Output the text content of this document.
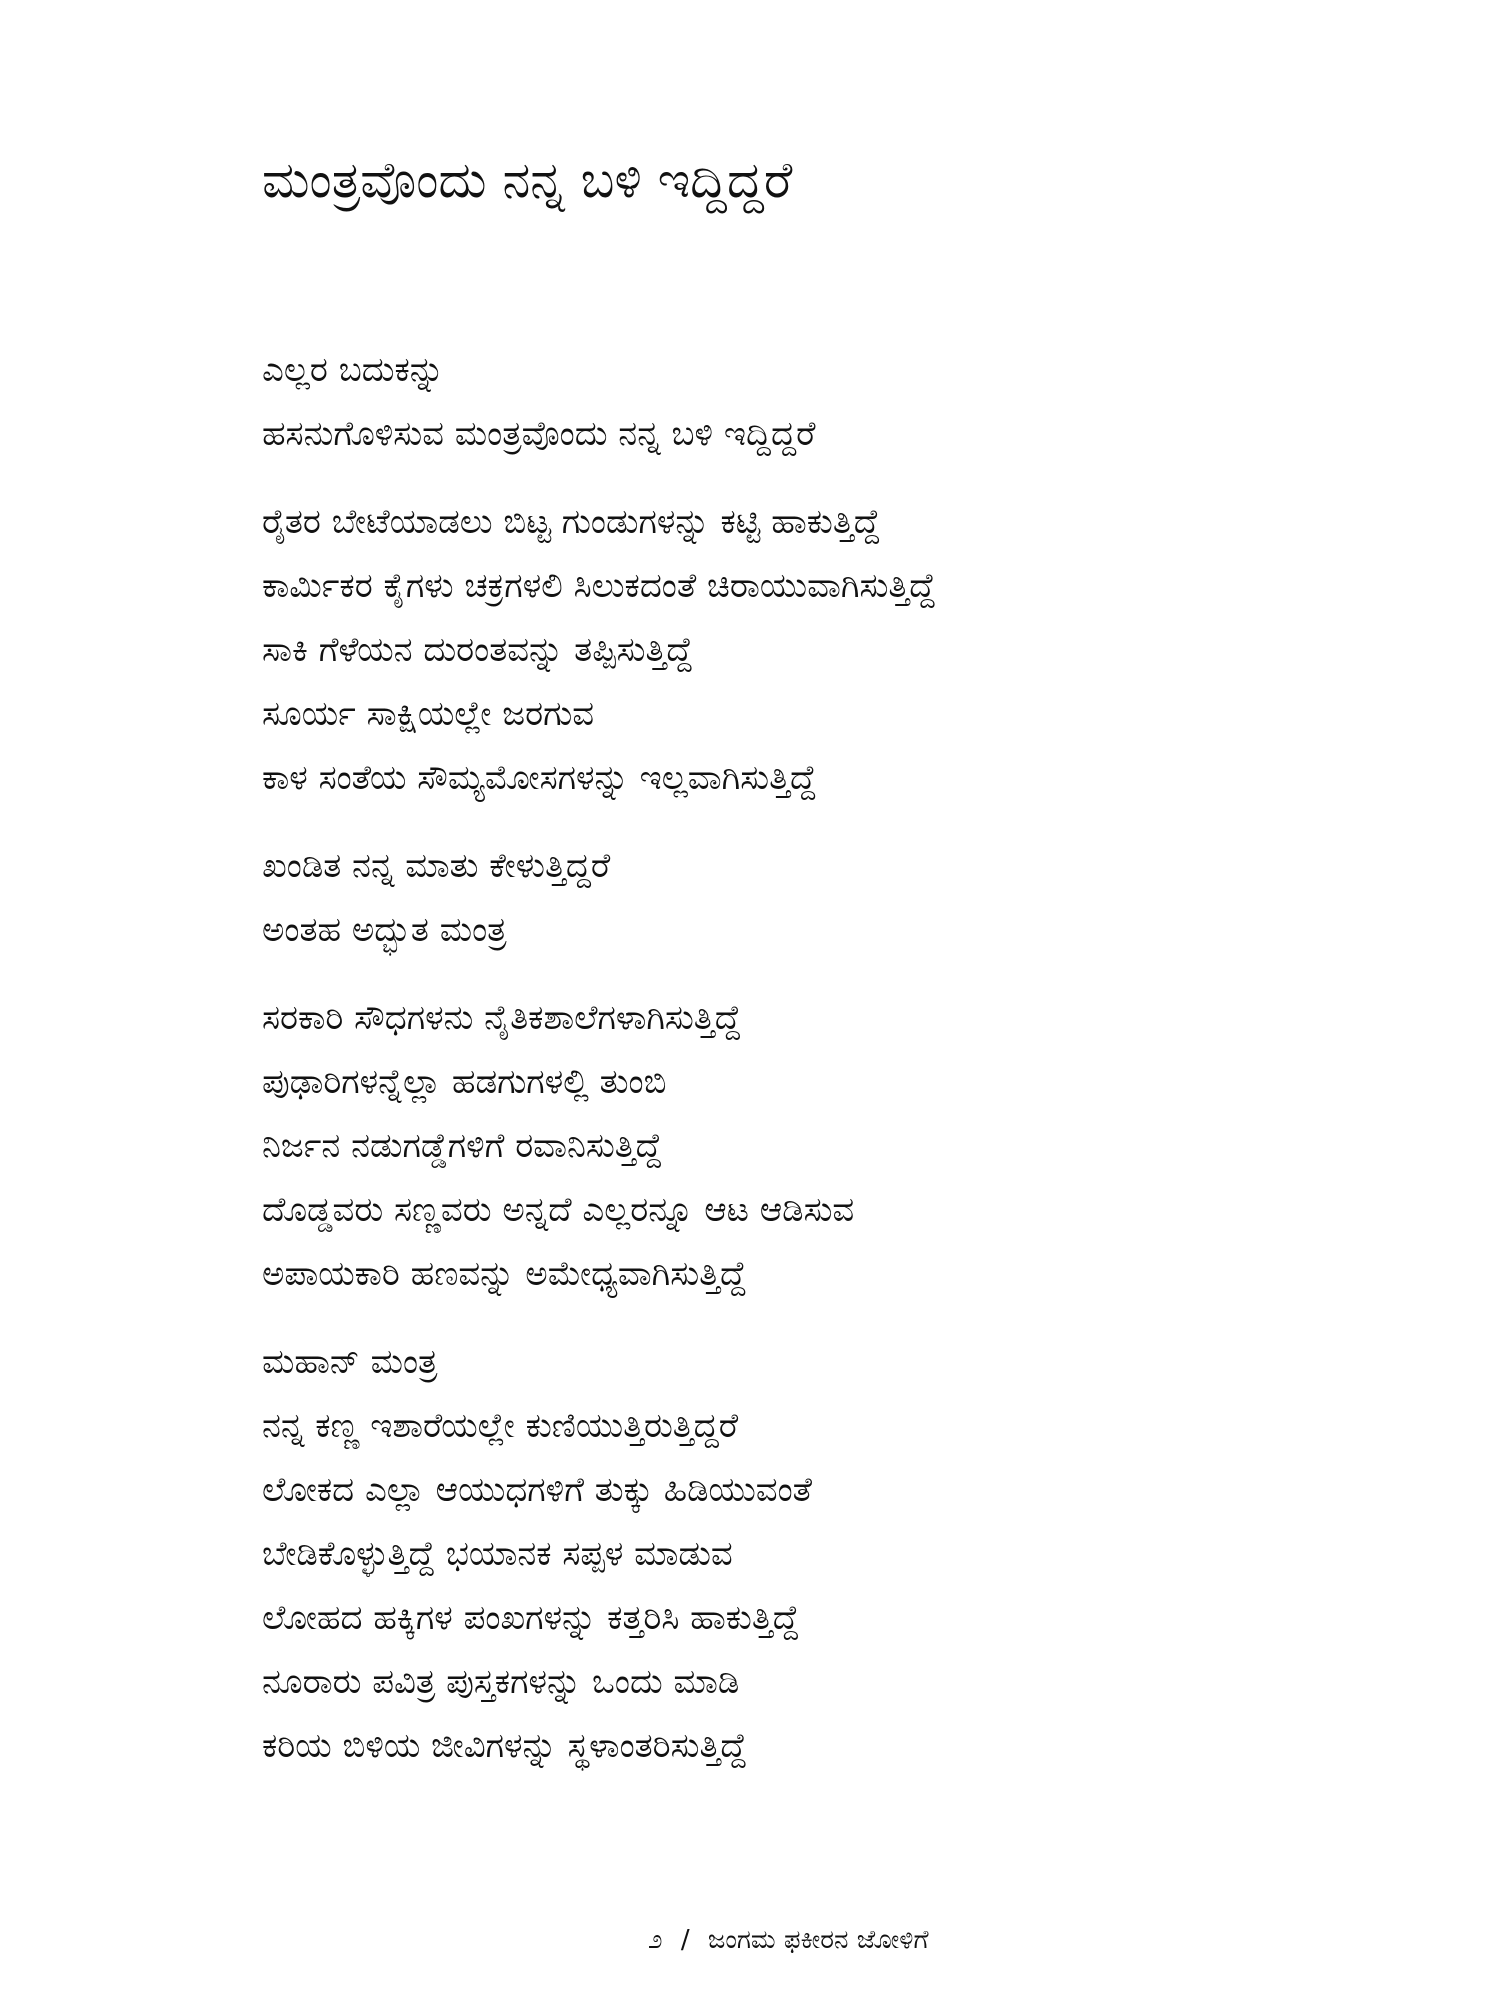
ಮಂತ್ರವೊಂದು ನನ್ನ ಬಳಿ ಇದ್ದಿದ್ದರೆ
ಎಲ್ಲರ ಬದುಕನ್ನು
ಹಸನುಗೊಳಿಸುವ ಮಂತ್ರವೊಂದು ನನ್ನ ಬಳಿ ಇದ್ದಿದ್ದರೆ
ರೈತರ ಬೇಟೆಯಾಡಲು ಬಿಟ್ಟ ಗುಂಡುಗಳನ್ನು ಕಟ್ಟಿ ಹಾಕುತ್ತಿದ್ದೆ
ಕಾರ್ಮಿಕರ ಕೈಗಳು ಚಕ್ರಗಳಲಿ ಸಿಲುಕದಂತೆ ಚಿರಾಯುವಾಗಿಸುತ್ತಿದ್ದೆ
ಸಾಕಿ ಗೆಳೆಯನ ದುರಂತವನ್ನು ತಪ್ಪಿಸುತ್ತಿದ್ದೆ
ಸೂರ್ಯ ಸಾಕ್ಷಿಯಲ್ಲೇ ಜರಗುವ
ಕಾಳ ಸಂತೆಯ ಸೌಮ್ಯಮೋಸಗಳನ್ನು ಇಲ್ಲವಾಗಿಸುತ್ತಿದ್ದೆ
ಖಂಡಿತ ನನ್ನ ಮಾತು ಕೇಳುತ್ತಿದ್ದರೆ
ಅಂತಹ ಅದ್ಭುತ ಮಂತ್ರ
ಸರಕಾರಿ ಸೌಧಗಳನು ನೈತಿಕಶಾಲೆಗಳಾಗಿಸುತ್ತಿದ್ದೆ
ಪುಢಾರಿಗಳನ್ನೆಲ್ಲಾ ಹಡಗುಗಳಲ್ಲಿ ತುಂಬಿ
ನಿರ್ಜನ ನಡುಗಡ್ಡೆಗಳಿಗೆ ರವಾನಿಸುತ್ತಿದ್ದೆ
ದೊಡ್ಡವರು ಸಣ್ಣವರು ಅನ್ನದೆ ಎಲ್ಲರನ್ನೂ ಆಟ ಆಡಿಸುವ
ಅಪಾಯಕಾರಿ ಹಣವನ್ನು ಅಮೇಧ್ಯವಾಗಿಸುತ್ತಿದ್ದೆ
ಮಹಾನ್ ಮಂತ್ರ
ನನ್ನ ಕಣ್ಣ ಇಶಾರೆಯಲ್ಲೇ ಕುಣಿಯುತ್ತಿರುತ್ತಿದ್ದರೆ
ಲೋಕದ ಎಲ್ಲಾ ಆಯುಧಗಳಿಗೆ ತುಕ್ಕು ಹಿಡಿಯುವಂತೆ
ಬೇಡಿಕೊಳ್ಳುತ್ತಿದ್ದೆ ಭಯಾನಕ ಸಪ್ಪಳ ಮಾಡುವ
ಲೋಹದ ಹಕ್ಕಿಗಳ ಪಂಖಗಳನ್ನು ಕತ್ತರಿಸಿ ಹಾಕುತ್ತಿದ್ದೆ
ನೂರಾರು ಪವಿತ್ರ ಪುಸ್ತಕಗಳನ್ನು ಒಂದು ಮಾಡಿ
ಕರಿಯ ಬಿಳಿಯ ಜೀವಿಗಳನ್ನು ಸ್ಥಳಾಂತರಿಸುತ್ತಿದ್ದೆ
೨ / ಜಂಗಮ ಫಕೀರನ ಜೋಳಿಗೆ
